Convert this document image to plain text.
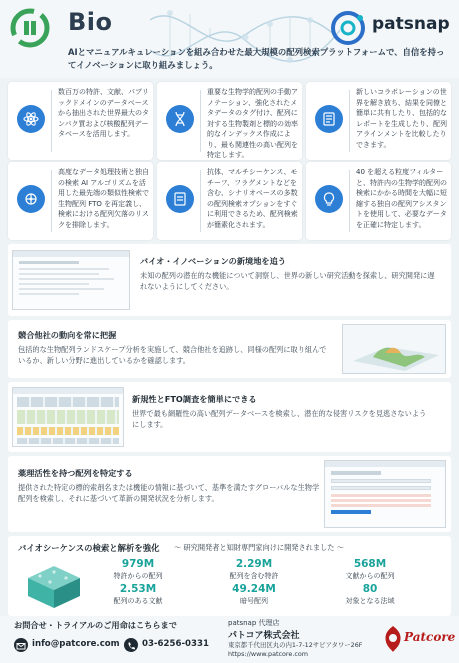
Bio	patsnap
AIとマニュアルキュレーションを組み合わせた最大規模の配列検索プラットフォームで、自信を持ってイノベーションに取り組みましょう。
数百万の特許、文献、パブリックドメインのデータベースから抽出された世界最大のタンパク質および核酸配列データベースを活用します。
重要な生物学的配列の手動アノテーション、強化されたメタデータのタグ付け、配列に対する生物製剤と標的の効率的なインデックス作成により、最も関連性の高い配列を特定します。
新しいコラボレーションの世界を解き放ち、結果を同僚と簡単に共有したり、包括的なレポートを生成したり、配列アラインメントを比較したりできます。
高度なデータ処理技術と独自の検索 AI アルゴリズムを活用した最先端の類似性検索で生物配列 FTO を再定義し、検索における配列欠落のリスクを排除します。
抗体、マルチシーケンス、モチーフ、フラグメントなどを含む、シナリオベースの多数の配列検索オプションをすぐに利用できるため、配列検索が簡素化されます。
40 を超える粒度フィルターと、特許内の生物学的配列の検索にかかる時間を大幅に短縮する独自の配列アシスタントを使用して、必要なデータを正確に特定します。
バイオ・イノベーションの新境地を追う
未知の配列の潜在的な機能について洞察し、世界の新しい研究活動を探索し、研究開発に遅れないようにしてください。
競合他社の動向を常に把握
包括的な生物配列ランドスケープ分析を実施して、競合他社を追跡し、同様の配列に取り組んでいるか、新しい分野に進出しているかを確認します。
新規性とFTO調査を簡単にできる
世界で最も網羅性の高い配列データベースを検索し、潜在的な侵害リスクを見逃さないようにします。
薬理活性を持つ配列を特定する
提供された特定の標的索剤名または機能の情報に基づいて、基準を満たすグローバルな生物学配列を検索し、それに基づいて革新の開発状況を分析します。
バイオシーケンスの検索と解析を強化 ～ 研究開発者と知財専門家向けに開発されました ～
979M
特許からの配列
2.29M
配列を含む特許
568M
文献からの配列
2.53M
配列のある文献
49.24M
暗号配列
80
対象となる法域
お問合せ・トライアルのご用命はこちらまで
info@patcore.com	03-6256-0331
patsnap 代理店
パトコア株式会社
東京都千代田区丸の内1-7-12サピアタワー26F
https://www.patcore.com
Patcore
